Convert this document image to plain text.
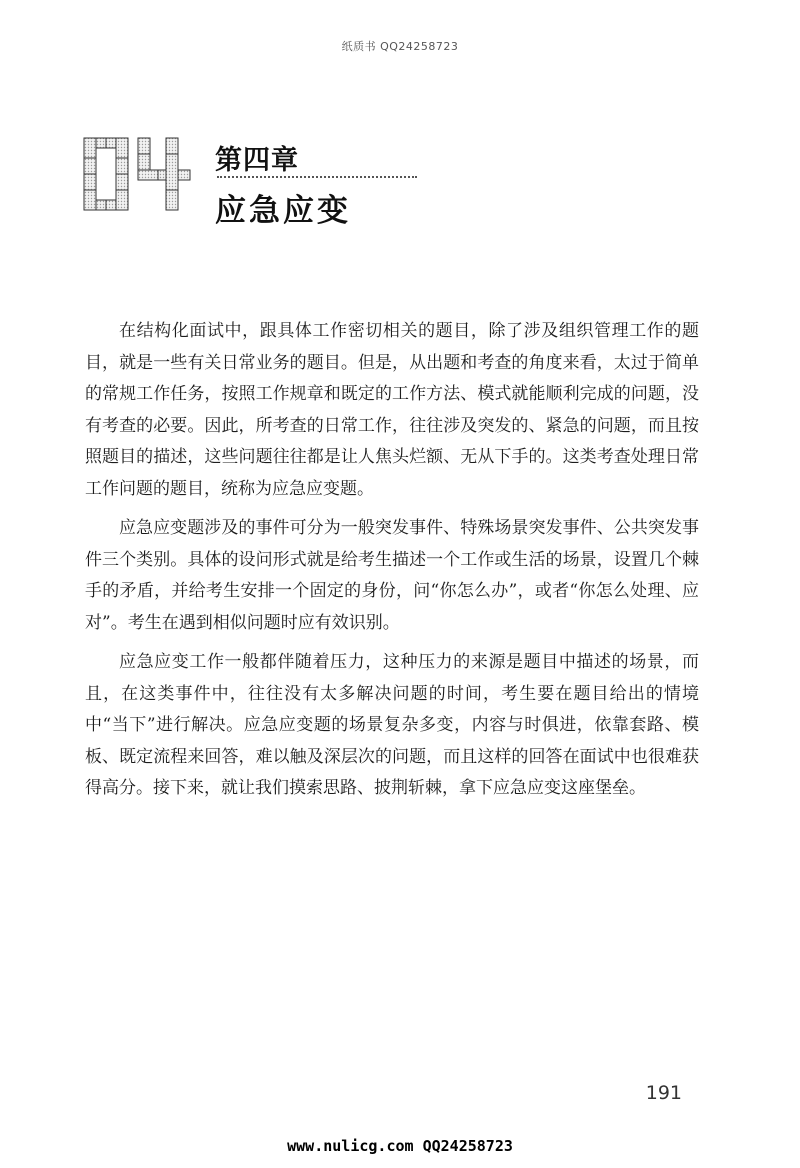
纸质书 QQ24258723
第四章
应急应变

在结构化面试中，跟具体工作密切相关的题目，除了涉及组织管理工作的题目，就是一些有关日常业务的题目。但是，从出题和考查的角度来看，太过于简单的常规工作任务，按照工作规章和既定的工作方法、模式就能顺利完成的问题，没有考查的必要。因此，所考查的日常工作，往往涉及突发的、紧急的问题，而且按照题目的描述，这些问题往往都是让人焦头烂额、无从下手的。这类考查处理日常工作问题的题目，统称为应急应变题。

应急应变题涉及的事件可分为一般突发事件、特殊场景突发事件、公共突发事件三个类别。具体的设问形式就是给考生描述一个工作或生活的场景，设置几个棘手的矛盾，并给考生安排一个固定的身份，问“你怎么办”，或者“你怎么处理、应对”。考生在遇到相似问题时应有效识别。

应急应变工作一般都伴随着压力，这种压力的来源是题目中描述的场景，而且，在这类事件中，往往没有太多解决问题的时间，考生要在题目给出的情境中“当下”进行解决。应急应变题的场景复杂多变，内容与时俱进，依靠套路、模板、既定流程来回答，难以触及深层次的问题，而且这样的回答在面试中也很难获得高分。接下来，就让我们摸索思路、披荆斩棘，拿下应急应变这座堡垒。

191
www.nulicg.com QQ24258723
